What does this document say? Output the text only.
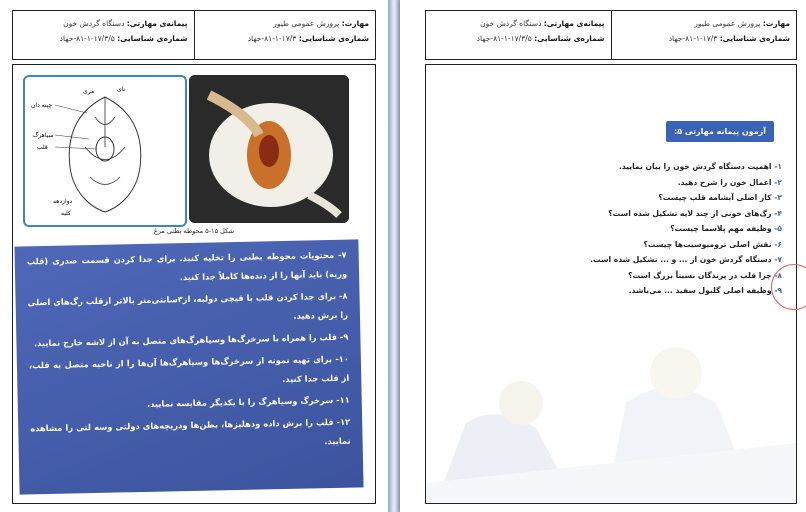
مهارت: پرورش عمومی طیور
شماره‌ی شناسایی: ۱۷/۳-۱-۸۱-جهاد
پیمانه‌ی مهارتی: دستگاه گردش خون
شماره‌ی شناسایی: ۱۷/۳/۵-۱-۸۱-جهاد
نای
مری
چینه دان
سیاهرگ
قلب
دوازدهه
کلیه
شکل ۱۵-۵ محوطه بطنی مرغ

۷- محتویات محوطه بطنی را تخلیه کنید. برای جدا کردن قسمت صدری (قلب وریه) باید آنها را از دنده‌ها کاملاً جدا کنید.

۸- برای جدا کردن قلب با قیچی دولبه، از۳سانتی‌متر بالاتر ازقلب رگ‌های اصلی را برش دهید.

۹- قلب را همراه با سرخرگ‌ها وسیاهرگ‌های متصل به آن از لاشه خارج نمایید.

۱۰- برای تهیه نمونه از سرخرگ‌ها وسیاهرگ‌ها آن‌ها را از ناحیه متصل به قلب، از قلب جدا کنید.

۱۱- سرخرگ وسیاهرگ را با یکدیگر مقایسه نمایید.

۱۲- قلب را برش داده ودهلیزها، بطن‌ها ودریچه‌های دولتی وسه لتی را مشاهده نمایید.

مهارت: پرورش عمومی طیور
شماره‌ی شناسایی: ۱۷/۳-۱-۸۱-جهاد
پیمانه‌ی مهارتی: دستگاه گردش خون
شماره‌ی شناسایی: ۱۷/۳/۵-۱-۸۱-جهاد
آزمون پیمانه مهارتی ۵:
۱- اهمیت دستگاه گردش خون را بیان نمایید.
۲- اعمال خون را شرح دهید.
۳- کار اصلی آبشامه قلب چیست؟
۴- رگ‌های خونی از چند لایه تشکیل شده است؟
۵- وظیفه مهم پلاسما چیست؟
۶- نقش اصلی ترومبوسیت‌ها چیست؟
۷- دستگاه گردش خون از ... و ... تشکیل شده است.
۸- چرا قلب در پرندگان نسبتاً بزرگ است؟
۹- وظیفه اصلی گلبول سفید ... می‌باشد.
